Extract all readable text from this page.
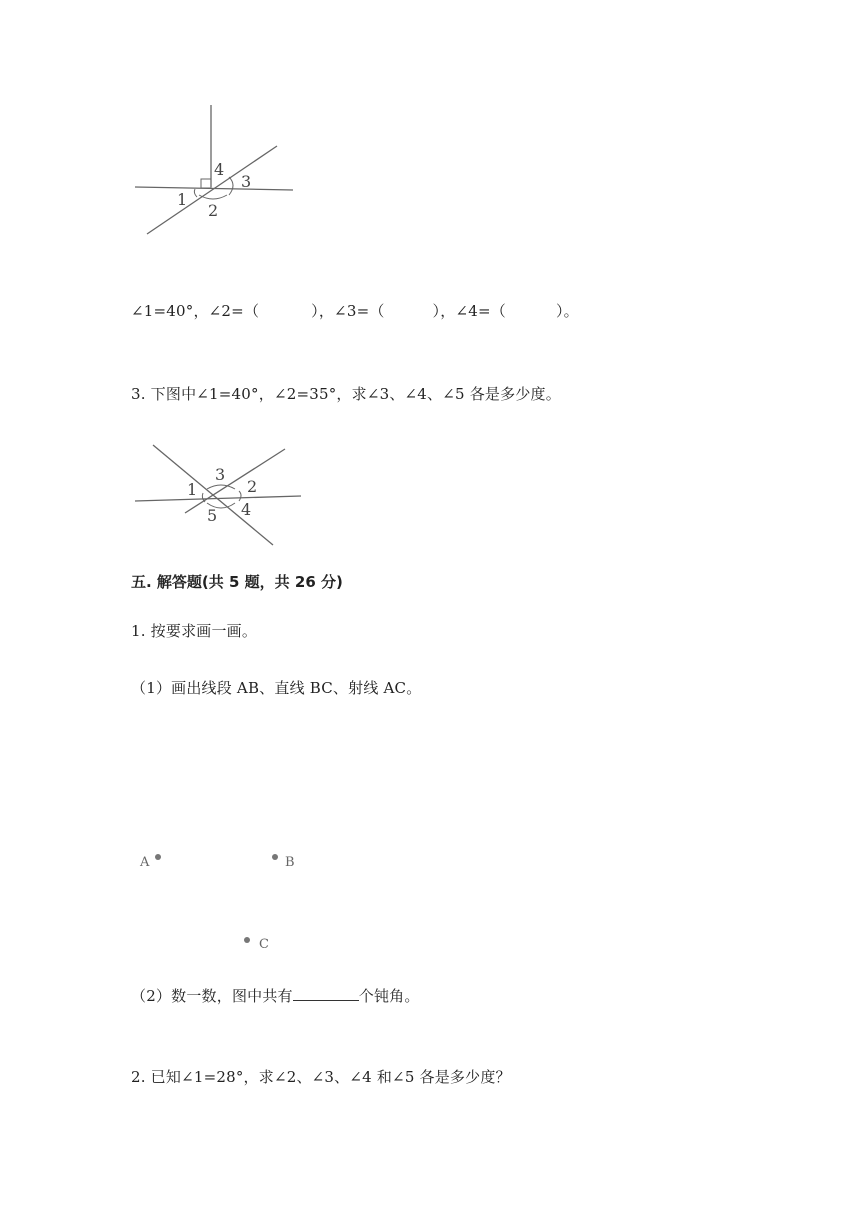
4
3
1
2
∠1=40°，∠2=（	），∠3=（	），∠4=（	）。
3. 下图中∠1=40°，∠2=35°，求∠3、∠4、∠5 各是多少度。
3
1	2
5 4
五. 解答题(共 5 题，共 26 分)
1. 按要求画一画。
（1）画出线段 AB、直线 BC、射线 AC。
A	B
C
（2）数一数，图中共有	个钝角。
2. 已知∠1=28°，求∠2、∠3、∠4 和∠5 各是多少度？
